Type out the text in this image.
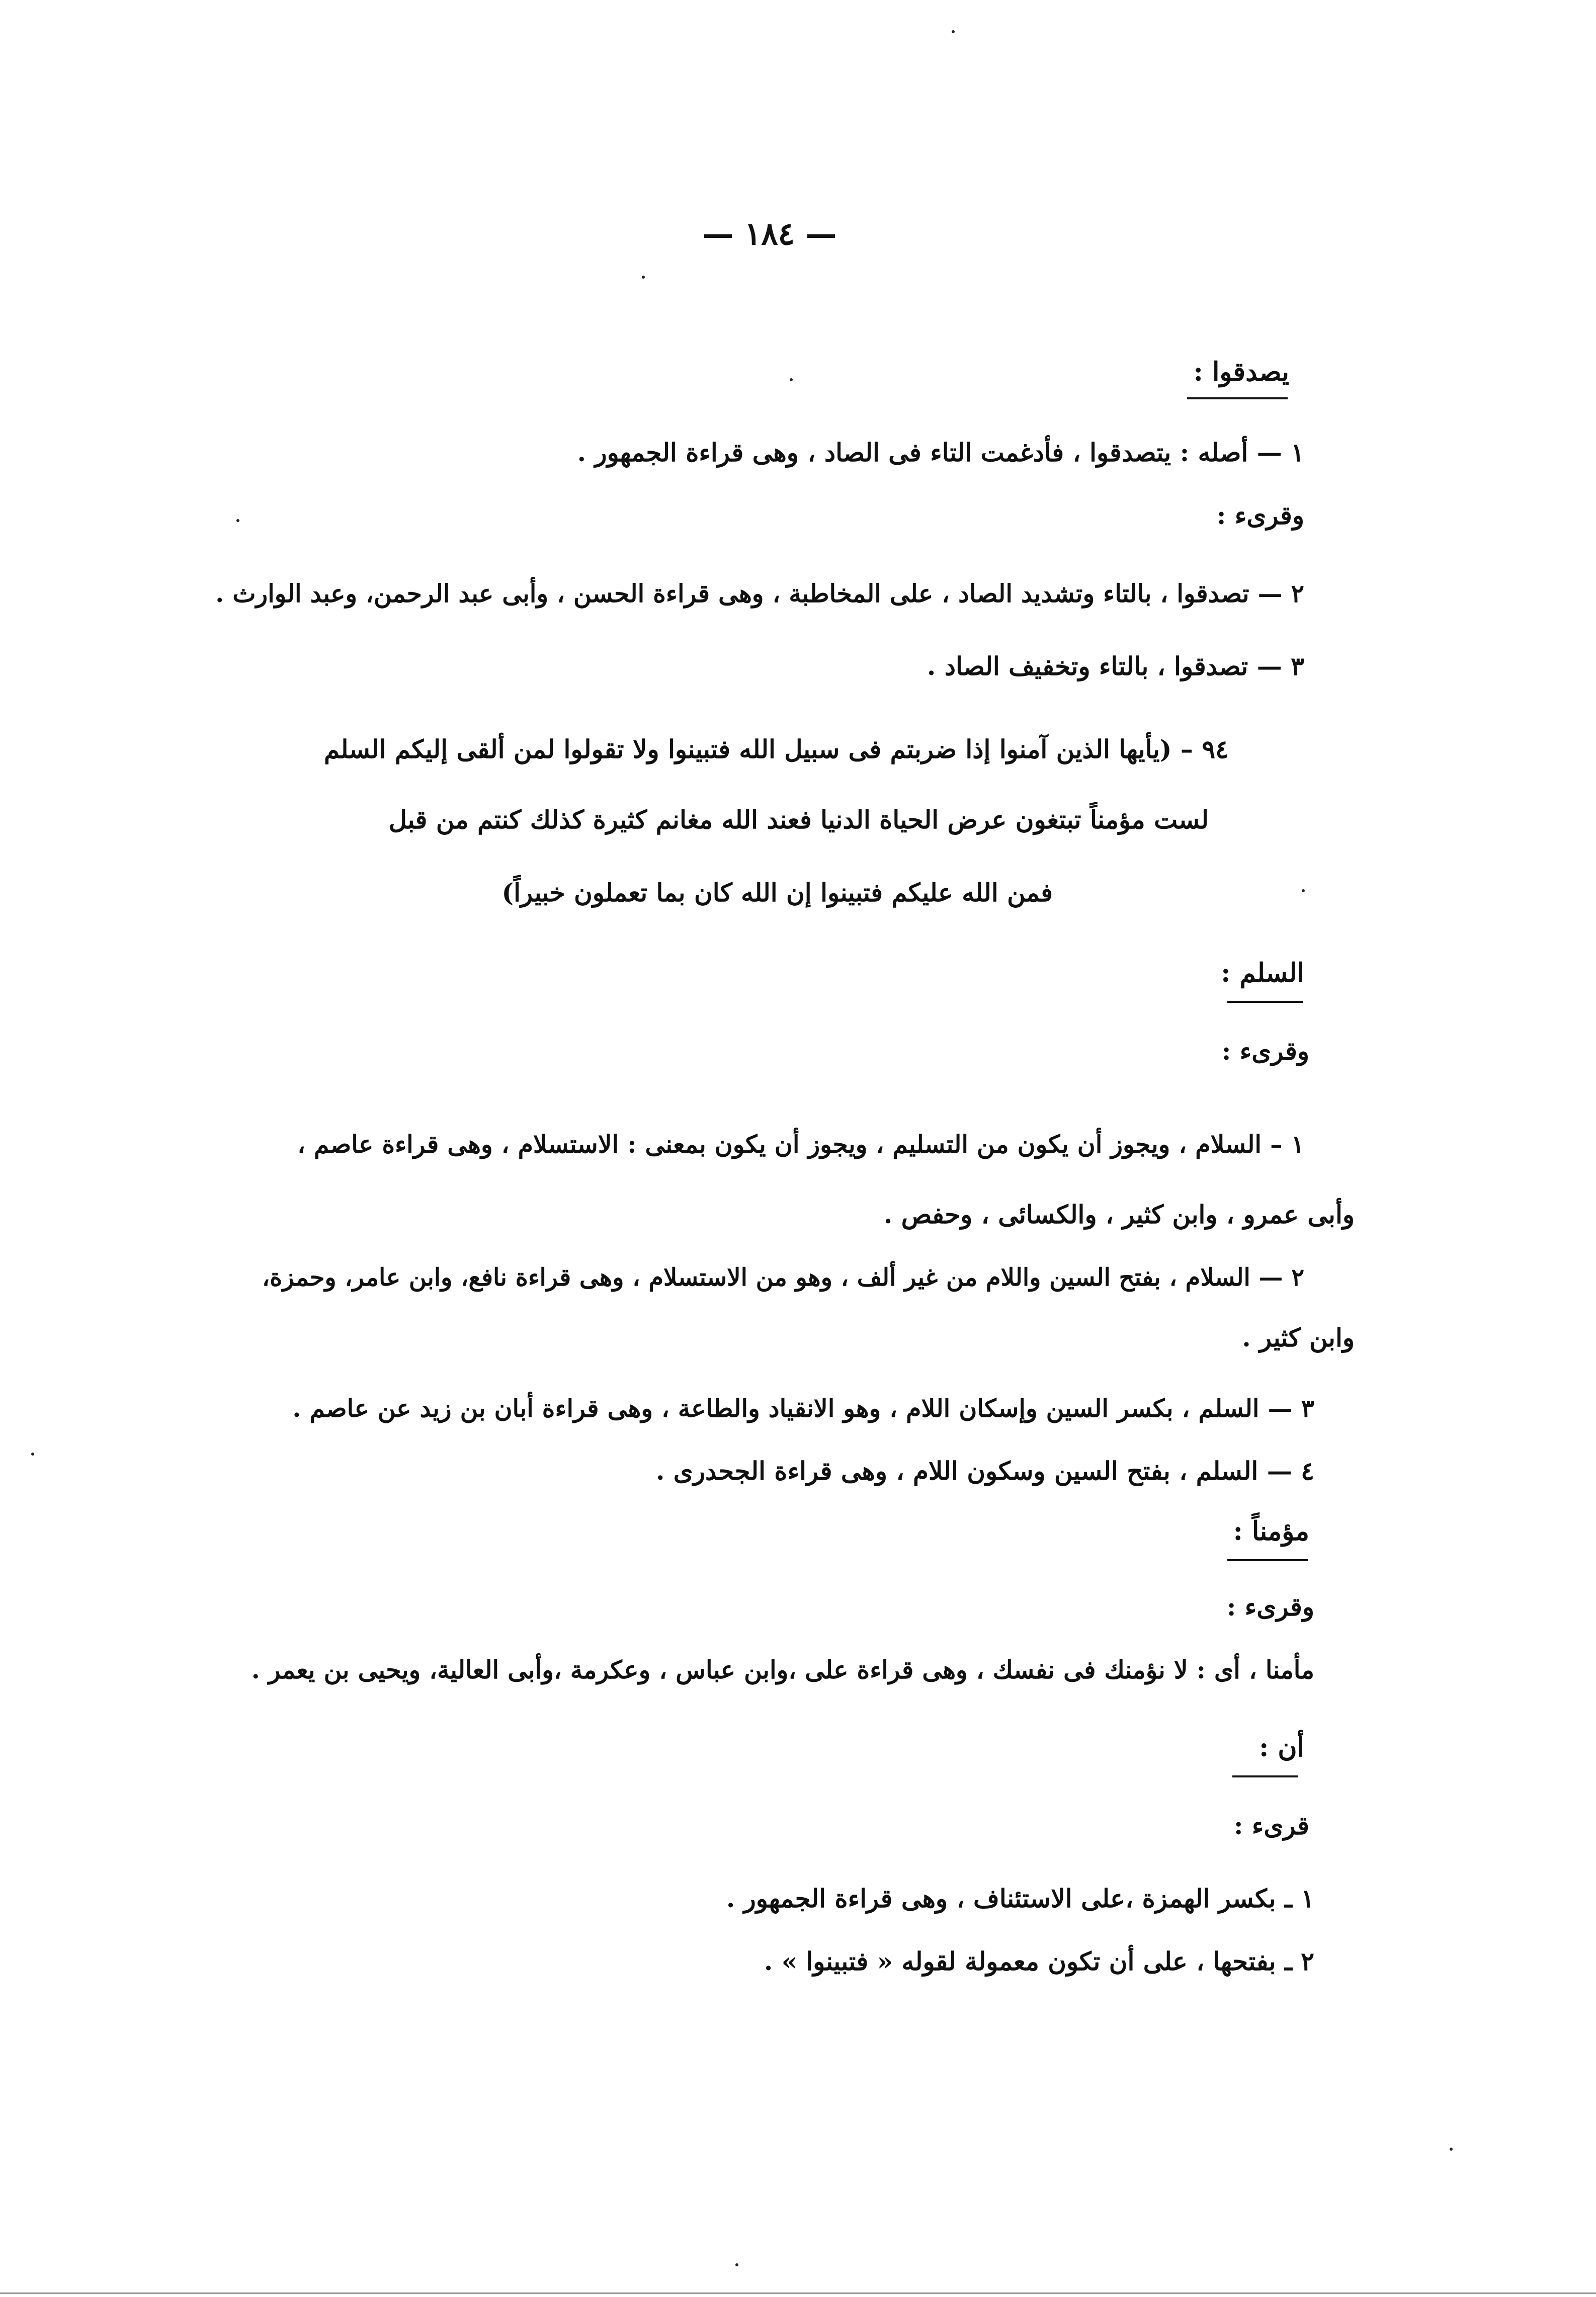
— ١٨٤ —
يصدقوا :
١ — أصله : يتصدقوا ، فأدغمت التاء فى الصاد ، وهى قراءة الجمهور .
وقرىء :
٢ — تصدقوا ، بالتاء وتشديد الصاد ، على المخاطبة ، وهى قراءة الحسن ، وأبى عبد الرحمن، وعبد الوارث .
٣ — تصدقوا ، بالتاء وتخفيف الصاد .
٩٤ – (يأيها الذين آمنوا إذا ضربتم فى سبيل الله فتبينوا ولا تقولوا لمن ألقى إليكم السلم
لست مؤمناً تبتغون عرض الحياة الدنيا فعند الله مغانم كثيرة كذلك كنتم من قبل
فمن الله عليكم فتبينوا إن الله كان بما تعملون خبيراً)
السلم :
وقرىء :
١ – السلام ، ويجوز أن يكون من التسليم ، ويجوز أن يكون بمعنى : الاستسلام ، وهى قراءة عاصم ،
وأبى عمرو ، وابن كثير ، والكسائى ، وحفص .
٢ — السلام ، بفتح السين واللام من غير ألف ، وهو من الاستسلام ، وهى قراءة نافع، وابن عامر، وحمزة،
وابن كثير .
٣ — السلم ، بكسر السين وإسكان اللام ، وهو الانقياد والطاعة ، وهى قراءة أبان بن زيد عن عاصم .
٤ — السلم ، بفتح السين وسكون اللام ، وهى قراءة الجحدرى .
مؤمناً :
وقرىء :
مأمنا ، أى : لا نؤمنك فى نفسك ، وهى قراءة على ،وابن عباس ، وعكرمة ،وأبى العالية، ويحيى بن يعمر .
أن :
قرىء :
١ ـ بكسر الهمزة ،على الاستئناف ، وهى قراءة الجمهور .
٢ ـ بفتحها ، على أن تكون معمولة لقوله « فتبينوا » .
